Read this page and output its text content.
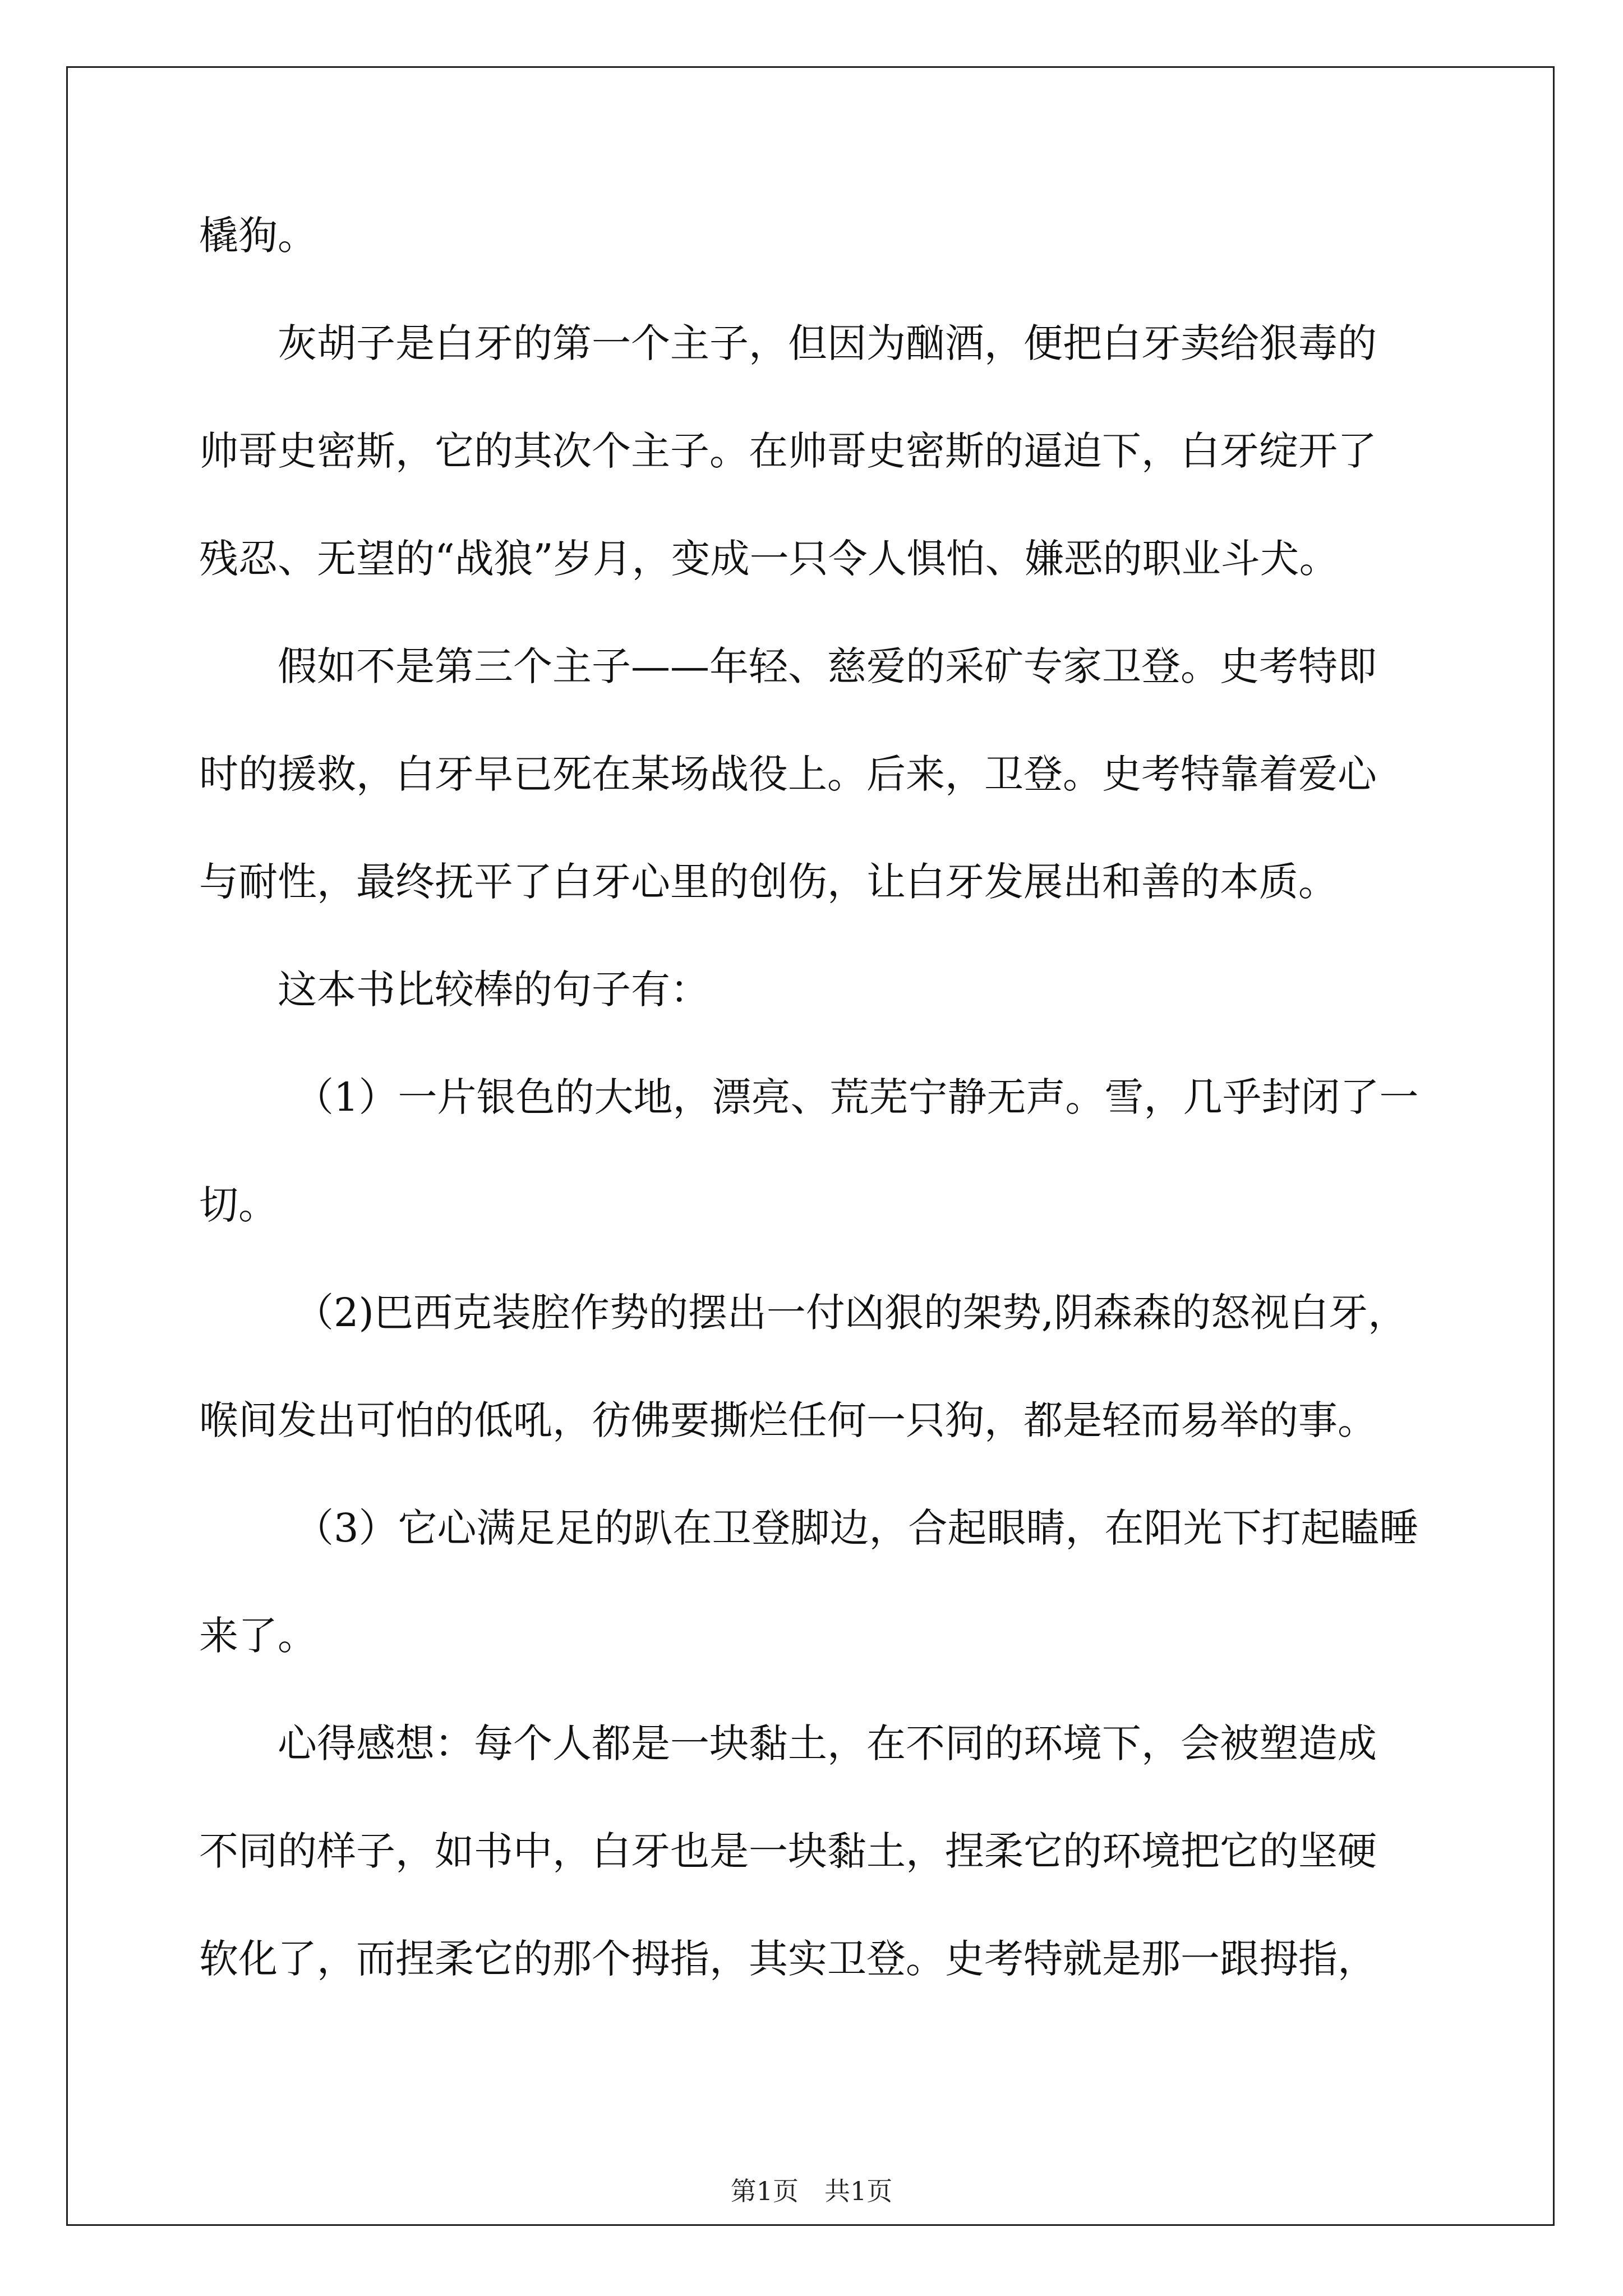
橇狗。
灰胡子是白牙的第一个主子，但因为酗酒，便把白牙卖给狠毒的
帅哥史密斯，它的其次个主子。在帅哥史密斯的逼迫下，白牙绽开了
残忍、无望的“战狼”岁月，变成一只令人惧怕、嫌恶的职业斗犬。
假如不是第三个主子——年轻、慈爱的采矿专家卫登。史考特即
时的援救，白牙早已死在某场战役上。后来，卫登。史考特靠着爱心
与耐性，最终抚平了白牙心里的创伤，让白牙发展出和善的本质。
这本书比较棒的句子有：
（1）一片银色的大地，漂亮、荒芜宁静无声。雪，几乎封闭了一
切。
（2)巴西克装腔作势的摆出一付凶狠的架势,阴森森的怒视白牙，
喉间发出可怕的低吼，彷佛要撕烂任何一只狗，都是轻而易举的事。
（3）它心满足足的趴在卫登脚边，合起眼睛，在阳光下打起瞌睡
来了。
心得感想：每个人都是一块黏土，在不同的环境下，会被塑造成
不同的样子，如书中，白牙也是一块黏土，捏柔它的环境把它的坚硬
软化了，而捏柔它的那个拇指，其实卫登。史考特就是那一跟拇指，
第1页　共1页
